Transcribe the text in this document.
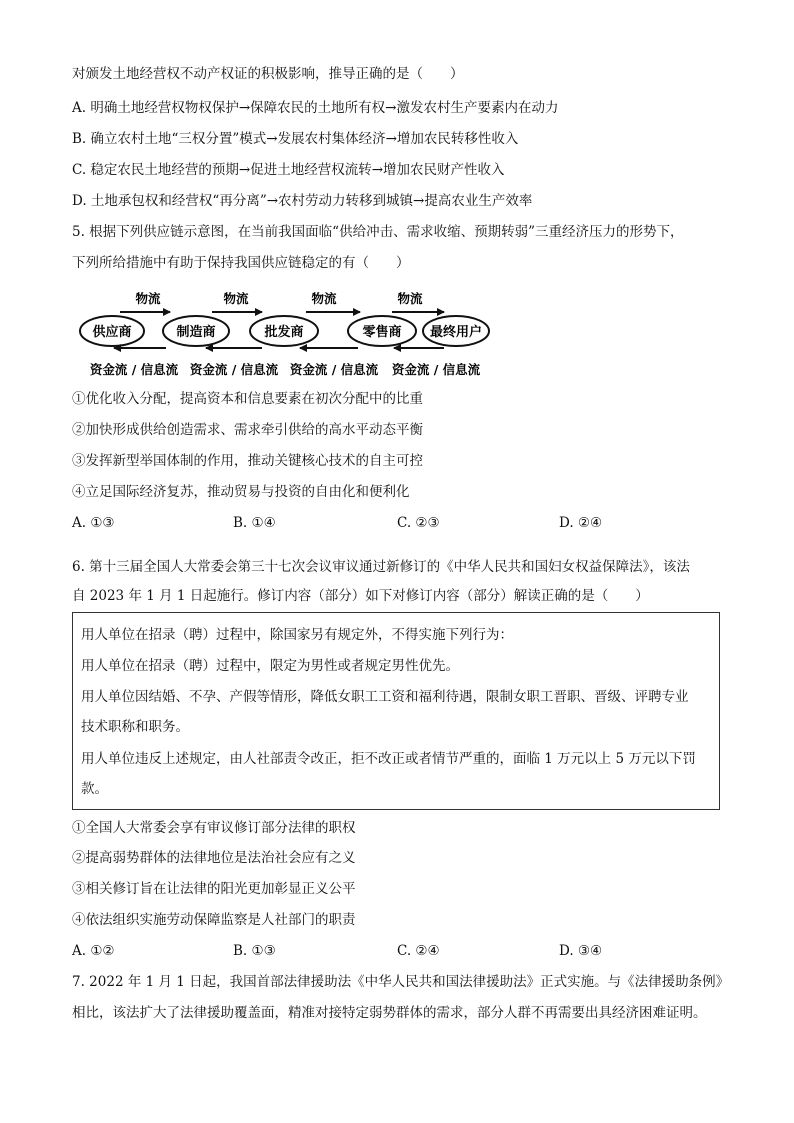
对颁发土地经营权不动产权证的积极影响，推导正确的是（　　）
A. 明确土地经营权物权保护→保障农民的土地所有权→激发农村生产要素内在动力
B. 确立农村土地“三权分置”模式→发展农村集体经济→增加农民转移性收入
C. 稳定农民土地经营的预期→促进土地经营权流转→增加农民财产性收入
D. 土地承包权和经营权“再分离”→农村劳动力转移到城镇→提高农业生产效率
5. 根据下列供应链示意图，在当前我国面临“供给冲击、需求收缩、预期转弱”三重经济压力的形势下，
下列所给措施中有助于保持我国供应链稳定的有（　　）
物流	物流	物流	物流
供应商	制造商	批发商	零售商 最终用户
资金流 / 信息流 资金流 / 信息流 资金流 / 信息流 资金流 / 信息流
①优化收入分配，提高资本和信息要素在初次分配中的比重
②加快形成供给创造需求、需求牵引供给的高水平动态平衡
③发挥新型举国体制的作用，推动关键核心技术的自主可控
④立足国际经济复苏，推动贸易与投资的自由化和便利化
A. ①③	B. ①④	C. ②③	D. ②④
6. 第十三届全国人大常委会第三十七次会议审议通过新修订的《中华人民共和国妇女权益保障法》，该法
自 2023 年 1 月 1 日起施行。修订内容（部分）如下对修订内容（部分）解读正确的是（　　）
用人单位在招录（聘）过程中，除国家另有规定外，不得实施下列行为：
用人单位在招录（聘）过程中，限定为男性或者规定男性优先。
用人单位因结婚、不孕、产假等情形，降低女职工工资和福利待遇，限制女职工晋职、晋级、评聘专业
技术职称和职务。
用人单位违反上述规定，由人社部责令改正，拒不改正或者情节严重的，面临 1 万元以上 5 万元以下罚
款。
①全国人大常委会享有审议修订部分法律的职权
②提高弱势群体的法律地位是法治社会应有之义
③相关修订旨在让法律的阳光更加彰显正义公平
④依法组织实施劳动保障监察是人社部门的职责
A. ①②	B. ①③	C. ②④	D. ③④
7. 2022 年 1 月 1 日起，我国首部法律援助法《中华人民共和国法律援助法》正式实施。与《法律援助条例》
相比，该法扩大了法律援助覆盖面，精准对接特定弱势群体的需求，部分人群不再需要出具经济困难证明。
